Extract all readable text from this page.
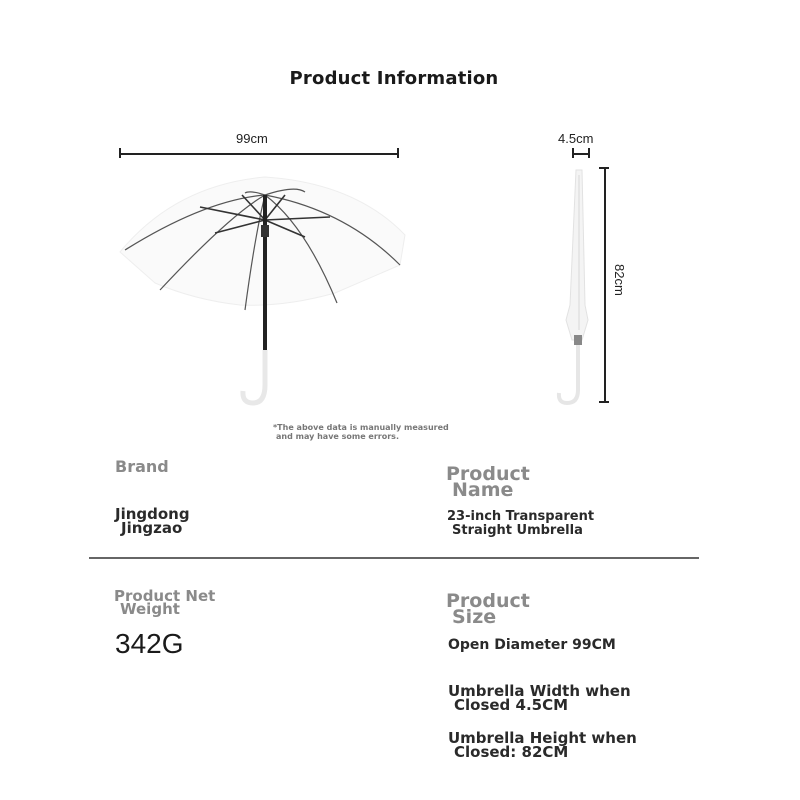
Product Information
99cm	4.5cm
82cm
*The above data is manually measured
and may have some errors.
Brand
Jingdong
Jingzao
Product
Name
23-inch Transparent
Straight Umbrella
Product Net
Weight
342G
Product
Size
Open Diameter 99CM
Umbrella Width when
Closed 4.5CM
Umbrella Height when
Closed: 82CM
